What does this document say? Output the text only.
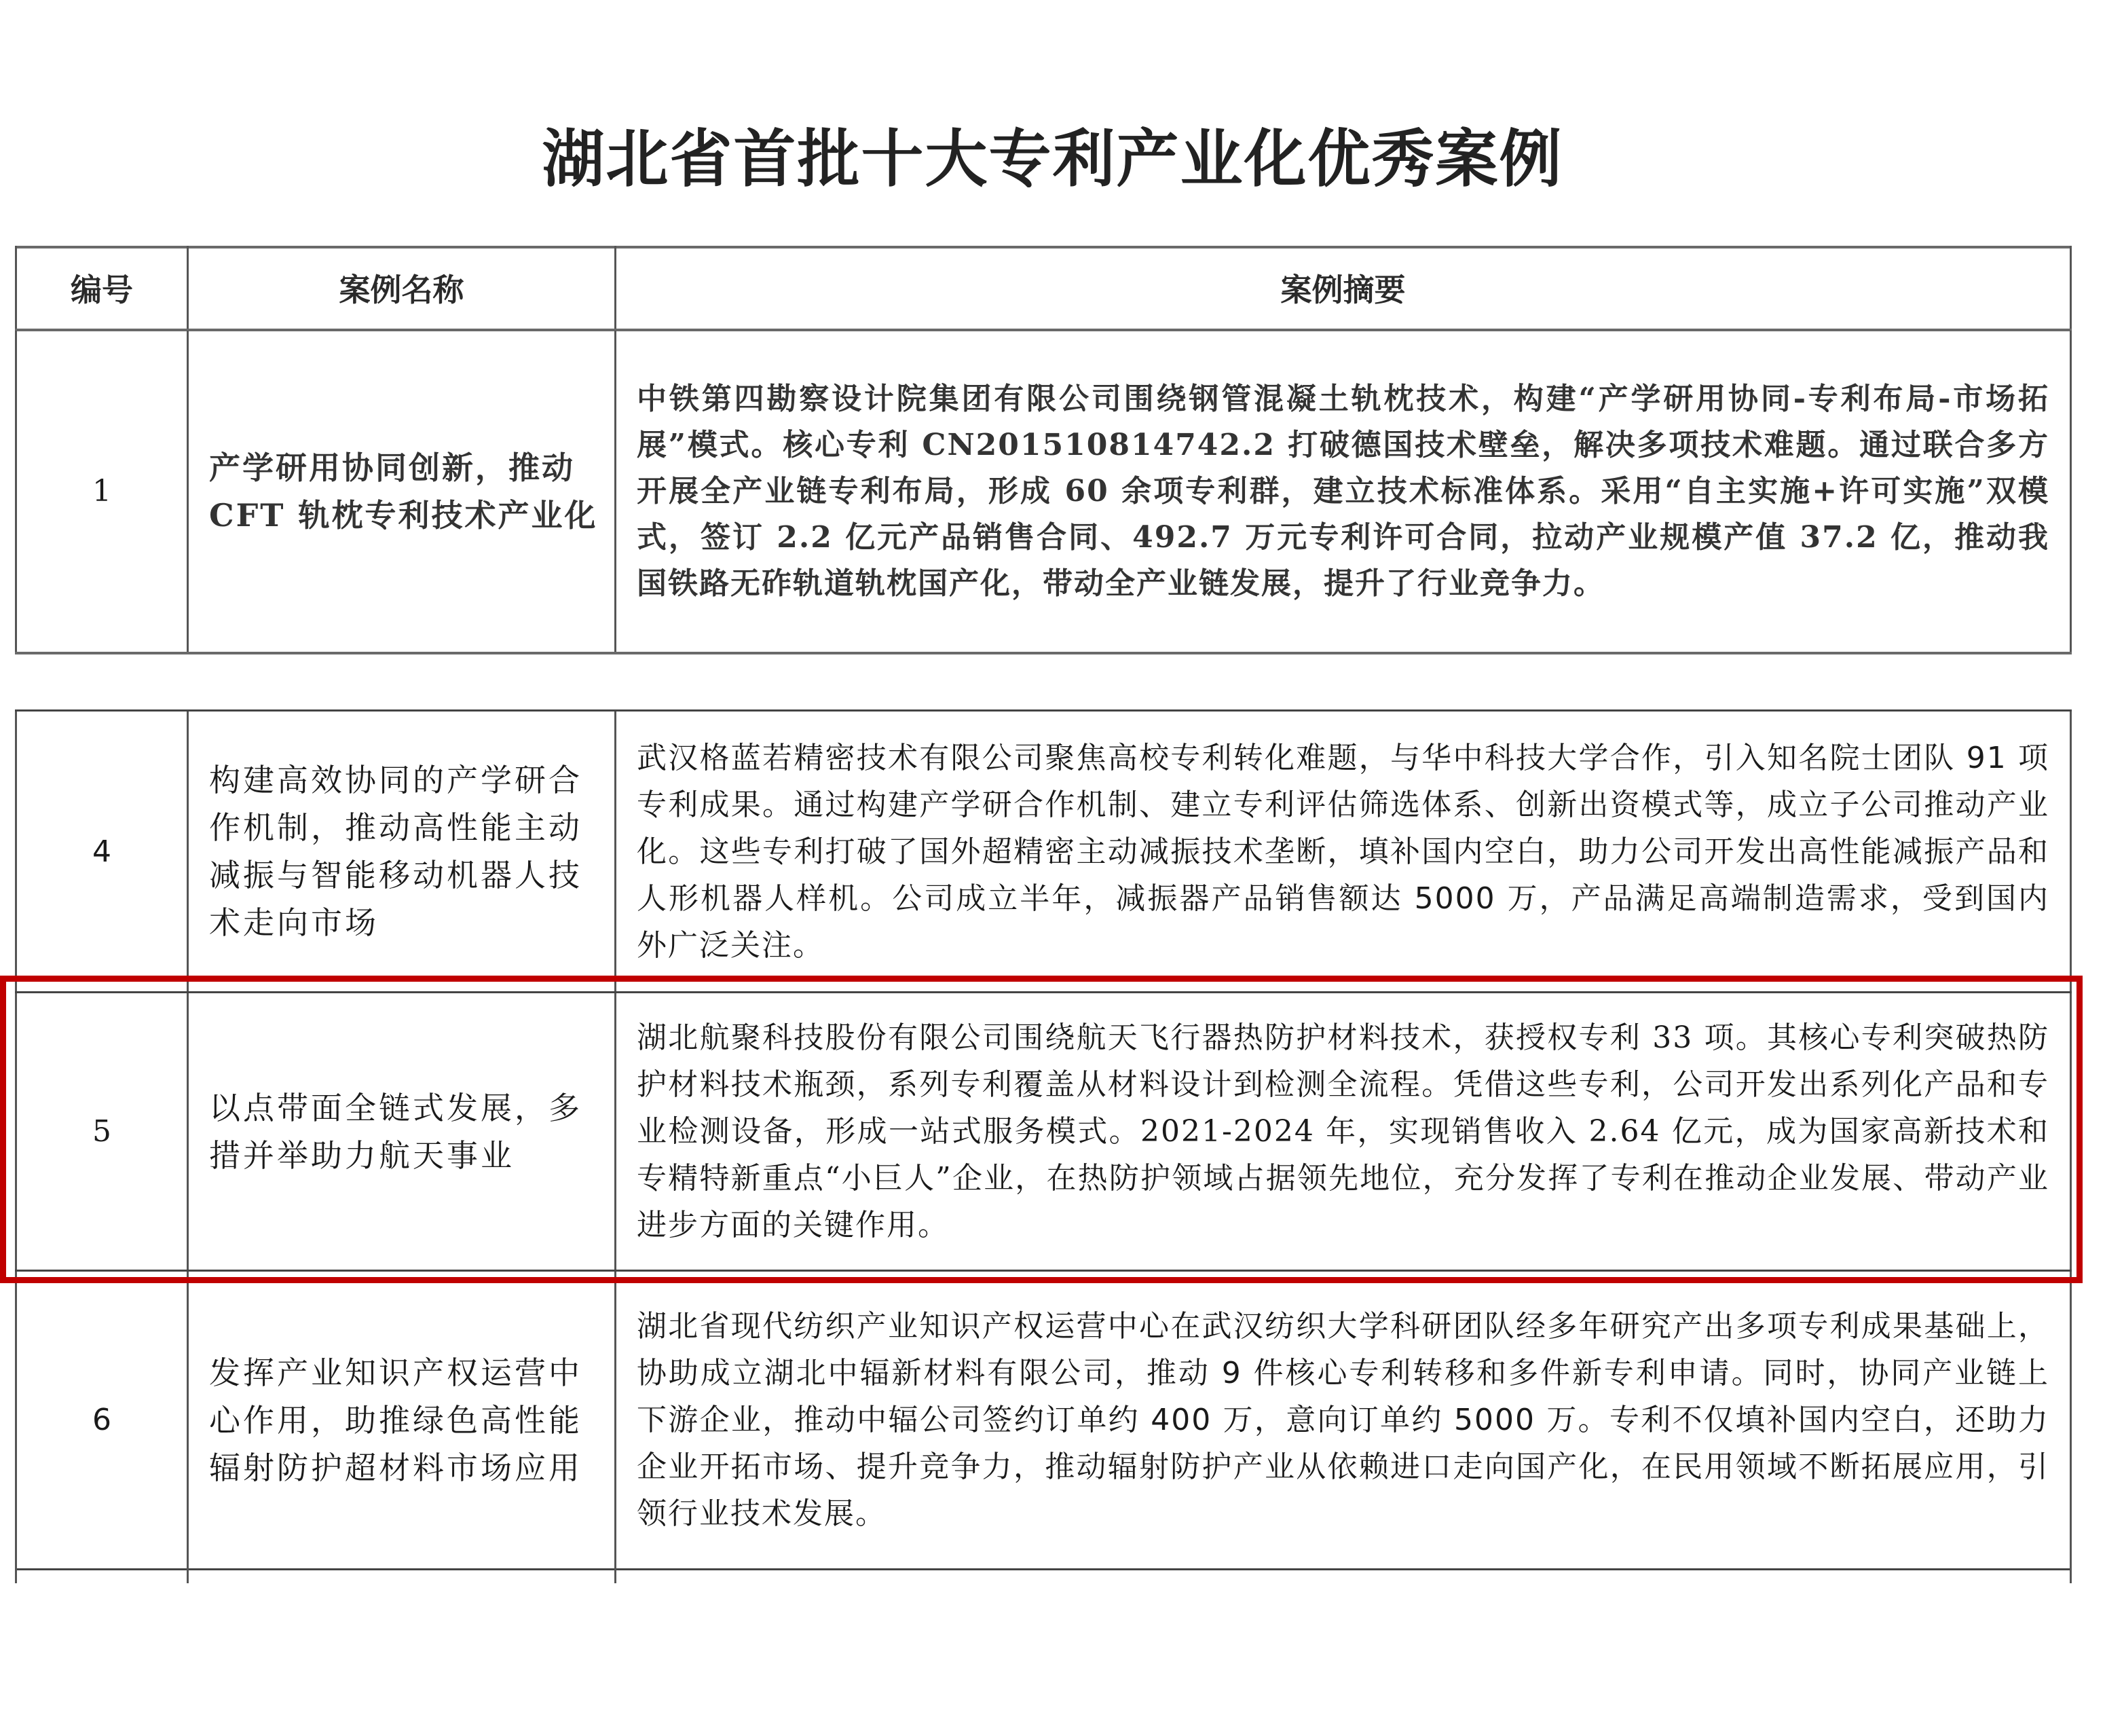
湖北省首批十大专利产业化优秀案例
编号	案例名称	案例摘要
1
产学研用协同创新，推动CFT 轨枕专利技术产业化
中铁第四勘察设计院集团有限公司围绕钢管混凝土轨枕技术，构建“产学研用协同-专利布局-市场拓展”模式。核心专利 CN201510814742.2 打破德国技术壁垒，解决多项技术难题。通过联合多方开展全产业链专利布局，形成 60 余项专利群，建立技术标准体系。采用“自主实施+许可实施”双模式，签订 2.2 亿元产品销售合同、492.7 万元专利许可合同，拉动产业规模产值 37.2 亿，推动我国铁路无砟轨道轨枕国产化，带动全产业链发展，提升了行业竞争力。
4
构建高效协同的产学研合作机制，推动高性能主动减振与智能移动机器人技术走向市场
武汉格蓝若精密技术有限公司聚焦高校专利转化难题，与华中科技大学合作，引入知名院士团队 91 项专利成果。通过构建产学研合作机制、建立专利评估筛选体系、创新出资模式等，成立子公司推动产业化。这些专利打破了国外超精密主动减振技术垄断，填补国内空白，助力公司开发出高性能减振产品和人形机器人样机。公司成立半年，减振器产品销售额达 5000 万，产品满足高端制造需求，受到国内外广泛关注。
5
以点带面全链式发展，多措并举助力航天事业
湖北航聚科技股份有限公司围绕航天飞行器热防护材料技术，获授权专利 33 项。其核心专利突破热防护材料技术瓶颈，系列专利覆盖从材料设计到检测全流程。凭借这些专利，公司开发出系列化产品和专业检测设备，形成一站式服务模式。2021-2024 年，实现销售收入 2.64 亿元，成为国家高新技术和专精特新重点“小巨人”企业，在热防护领域占据领先地位，充分发挥了专利在推动企业发展、带动产业进步方面的关键作用。
6
发挥产业知识产权运营中心作用，助推绿色高性能辐射防护超材料市场应用
湖北省现代纺织产业知识产权运营中心在武汉纺织大学科研团队经多年研究产出多项专利成果基础上，协助成立湖北中辐新材料有限公司，推动 9 件核心专利转移和多件新专利申请。同时，协同产业链上下游企业，推动中辐公司签约订单约 400 万，意向订单约 5000 万。专利不仅填补国内空白，还助力企业开拓市场、提升竞争力，推动辐射防护产业从依赖进口走向国产化，在民用领域不断拓展应用，引领行业技术发展。
